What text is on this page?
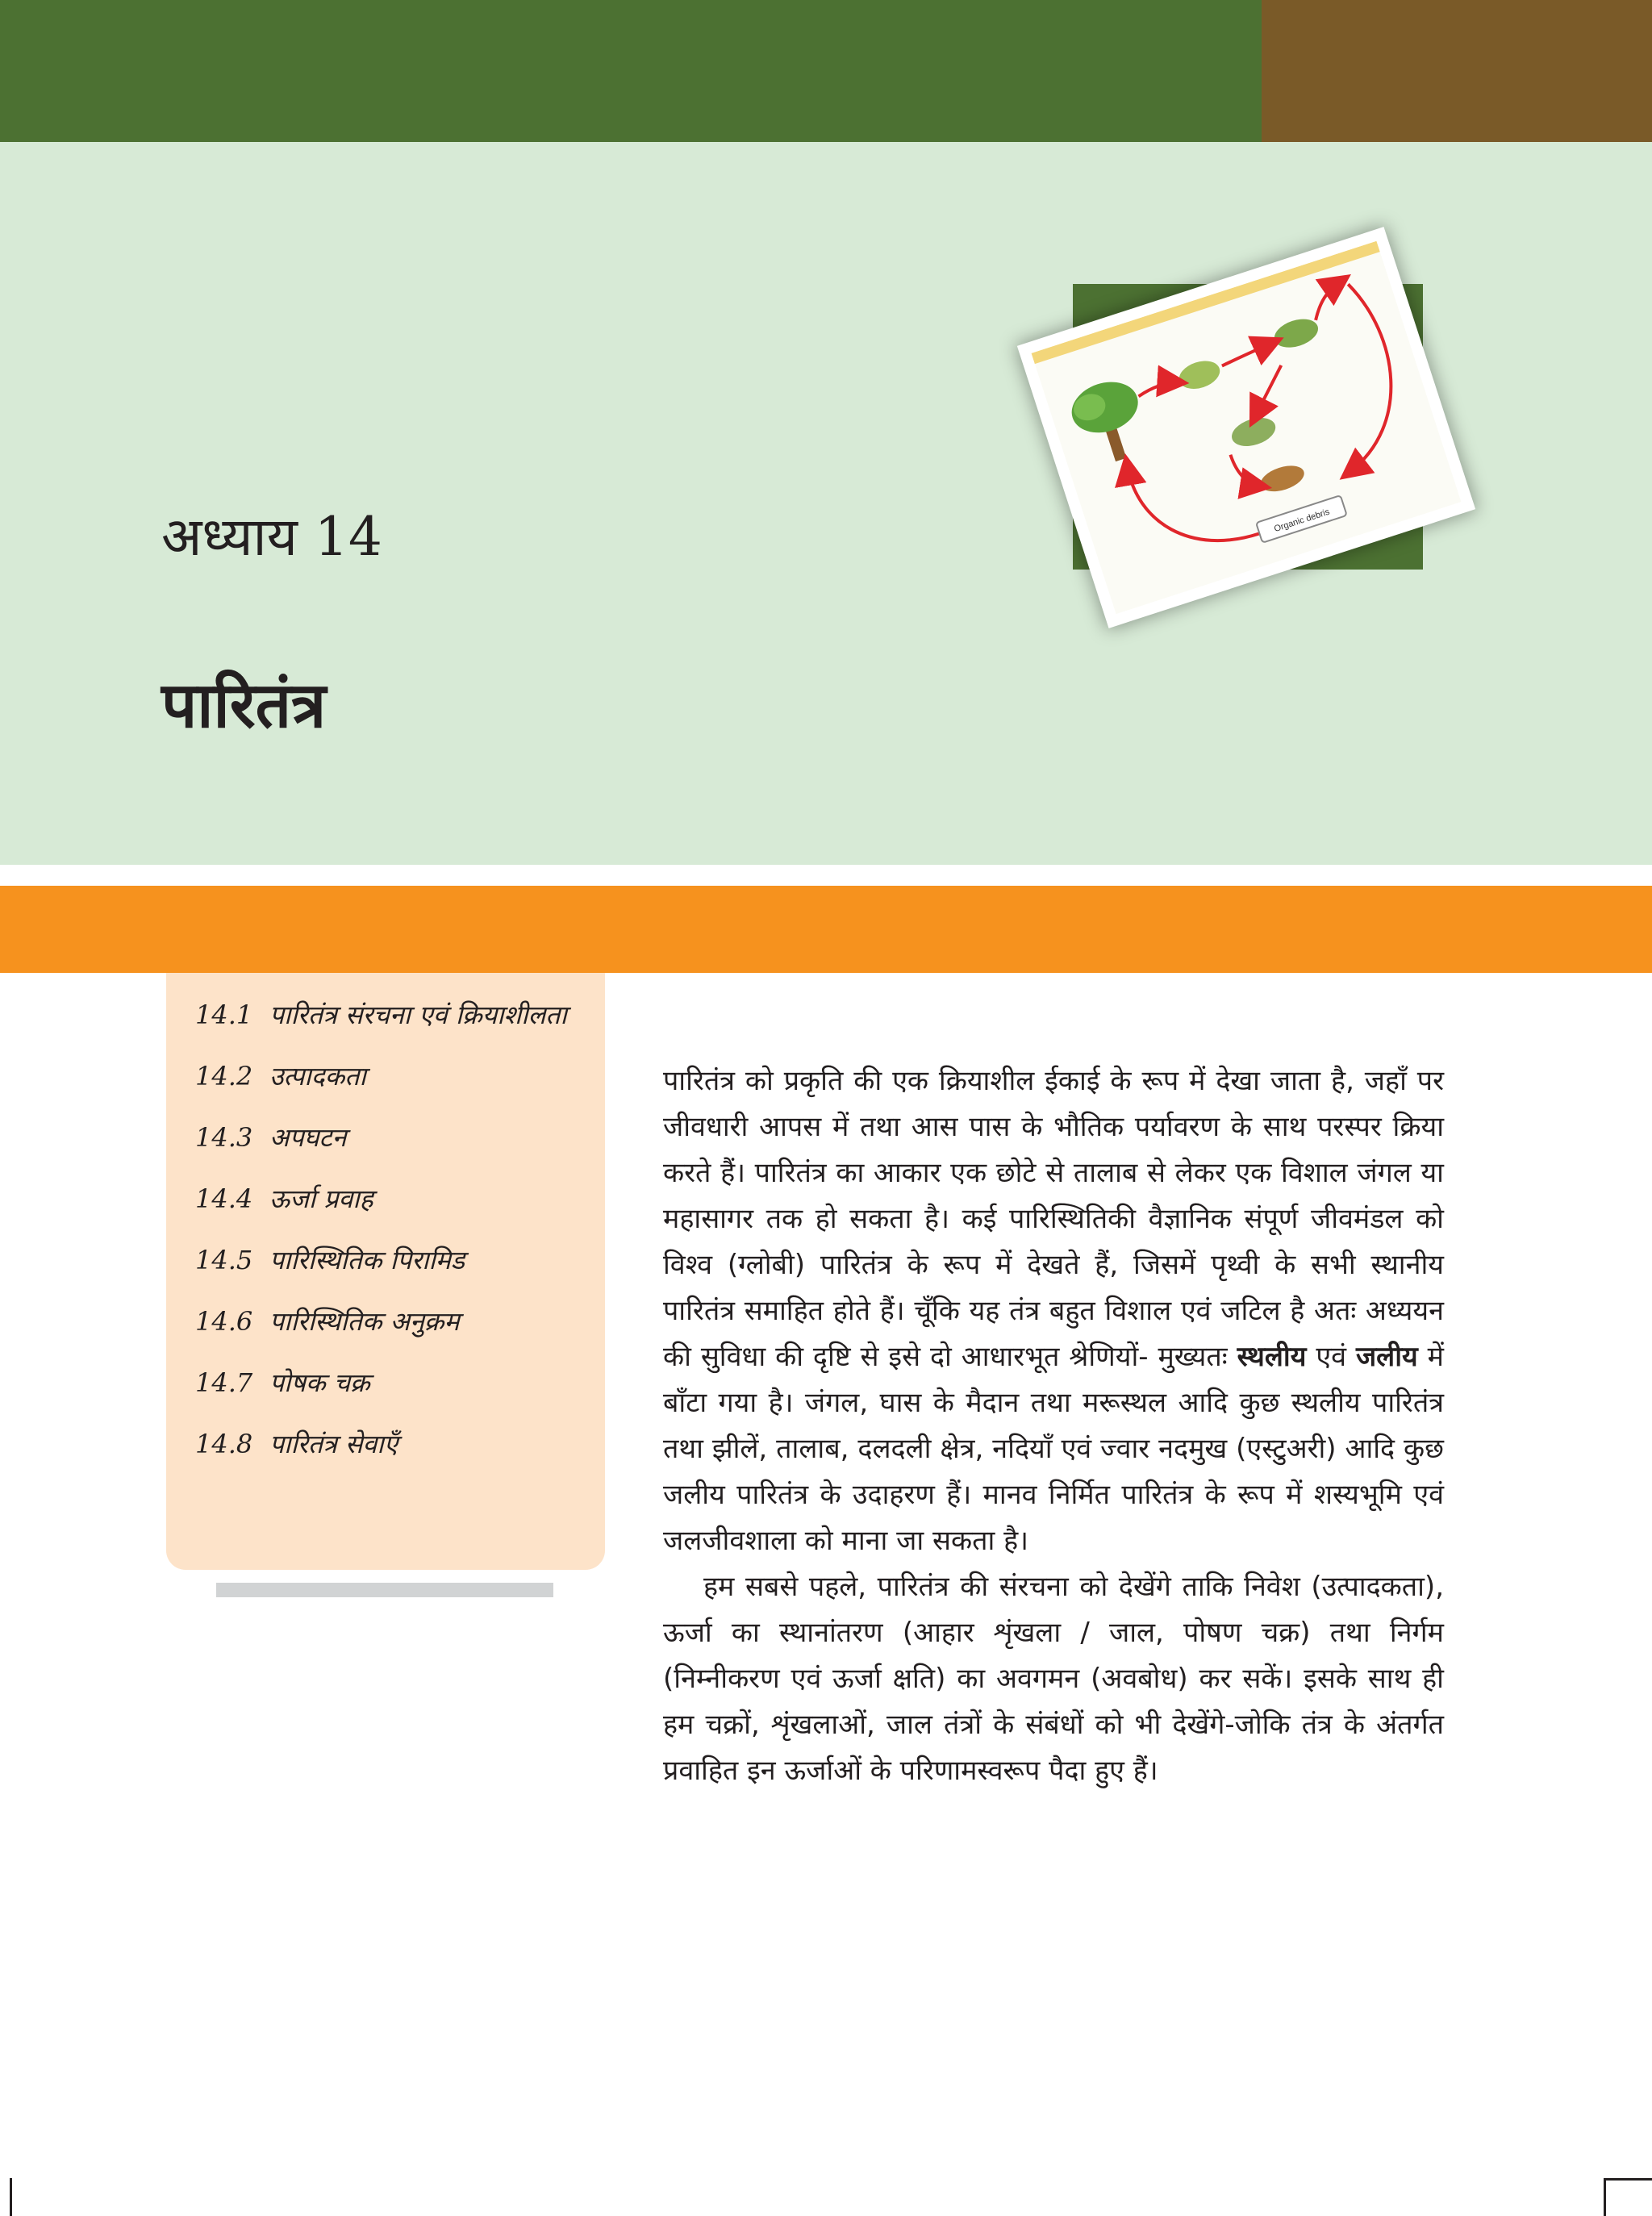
अध्याय 14
पारितंत्र
Organic debris
14.1 पारितंत्र संरचना एवं क्रियाशीलता
14.2 उत्पादकता
14.3 अपघटन
14.4 ऊर्जा प्रवाह
14.5 पारिस्थितिक पिरामिड
14.6 पारिस्थितिक अनुक्रम
14.7 पोषक चक्र
14.8 पारितंत्र सेवाएँ

पारितंत्र को प्रकृति की एक क्रियाशील ईकाई के रूप में देखा जाता है, जहाँ पर जीवधारी आपस में तथा आस पास के भौतिक पर्यावरण के साथ परस्पर क्रिया करते हैं। पारितंत्र का आकार एक छोटे से तालाब से लेकर एक विशाल जंगल या महासागर तक हो सकता है। कई पारिस्थितिकी वैज्ञानिक संपूर्ण जीवमंडल को विश्व (ग्लोबी) पारितंत्र के रूप में देखते हैं, जिसमें पृथ्वी के सभी स्थानीय पारितंत्र समाहित होते हैं। चूँकि यह तंत्र बहुत विशाल एवं जटिल है अतः अध्ययन की सुविधा की दृष्टि से इसे दो आधारभूत श्रेणियों- मुख्यतः स्थलीय एवं जलीय में बाँटा गया है। जंगल, घास के मैदान तथा मरूस्थल आदि कुछ स्थलीय पारितंत्र तथा झीलें, तालाब, दलदली क्षेत्र, नदियाँ एवं ज्वार नदमुख (एस्टुअरी) आदि कुछ जलीय पारितंत्र के उदाहरण हैं। मानव निर्मित पारितंत्र के रूप में शस्यभूमि एवं जलजीवशाला को माना जा सकता है।

हम सबसे पहले, पारितंत्र की संरचना को देखेंगे ताकि निवेश (उत्पादकता), ऊर्जा का स्थानांतरण (आहार शृंखला / जाल, पोषण चक्र) तथा निर्गम (निम्नीकरण एवं ऊर्जा क्षति) का अवगमन (अवबोध) कर सकें। इसके साथ ही हम चक्रों, शृंखलाओं, जाल तंत्रों के संबंधों को भी देखेंगे-जोकि तंत्र के अंतर्गत प्रवाहित इन ऊर्जाओं के परिणामस्वरूप पैदा हुए हैं।
